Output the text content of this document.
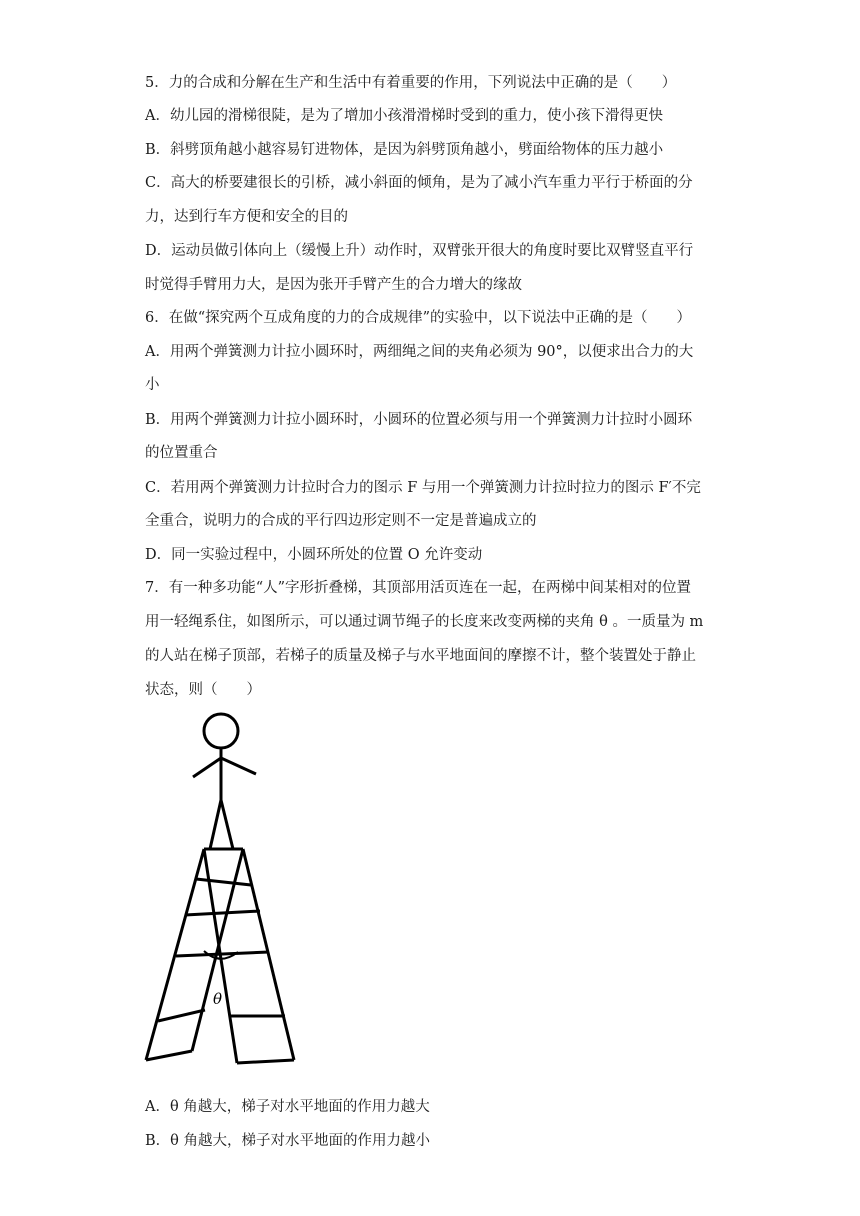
5．力的合成和分解在生产和生活中有着重要的作用，下列说法中正确的是（　　）
A．幼儿园的滑梯很陡，是为了增加小孩滑滑梯时受到的重力，使小孩下滑得更快
B．斜劈顶角越小越容易钉进物体，是因为斜劈顶角越小，劈面给物体的压力越小
C．高大的桥要建很长的引桥，减小斜面的倾角，是为了减小汽车重力平行于桥面的分
力，达到行车方便和安全的目的
D．运动员做引体向上（缓慢上升）动作时，双臂张开很大的角度时要比双臂竖直平行
时觉得手臂用力大，是因为张开手臂产生的合力增大的缘故
6．在做“探究两个互成角度的力的合成规律”的实验中，以下说法中正确的是（　　）
A．用两个弹簧测力计拉小圆环时，两细绳之间的夹角必须为 90°，以便求出合力的大
小
B．用两个弹簧测力计拉小圆环时，小圆环的位置必须与用一个弹簧测力计拉时小圆环
的位置重合
C．若用两个弹簧测力计拉时合力的图示 F 与用一个弹簧测力计拉时拉力的图示 F′不完
全重合，说明力的合成的平行四边形定则不一定是普遍成立的
D．同一实验过程中，小圆环所处的位置 O 允许变动
7．有一种多功能“人”字形折叠梯，其顶部用活页连在一起，在两梯中间某相对的位置
用一轻绳系住，如图所示，可以通过调节绳子的长度来改变两梯的夹角 θ 。一质量为 m
的人站在梯子顶部，若梯子的质量及梯子与水平地面间的摩擦不计，整个装置处于静止
状态，则（　　）
θ
A．θ 角越大，梯子对水平地面的作用力越大
B．θ 角越大，梯子对水平地面的作用力越小
